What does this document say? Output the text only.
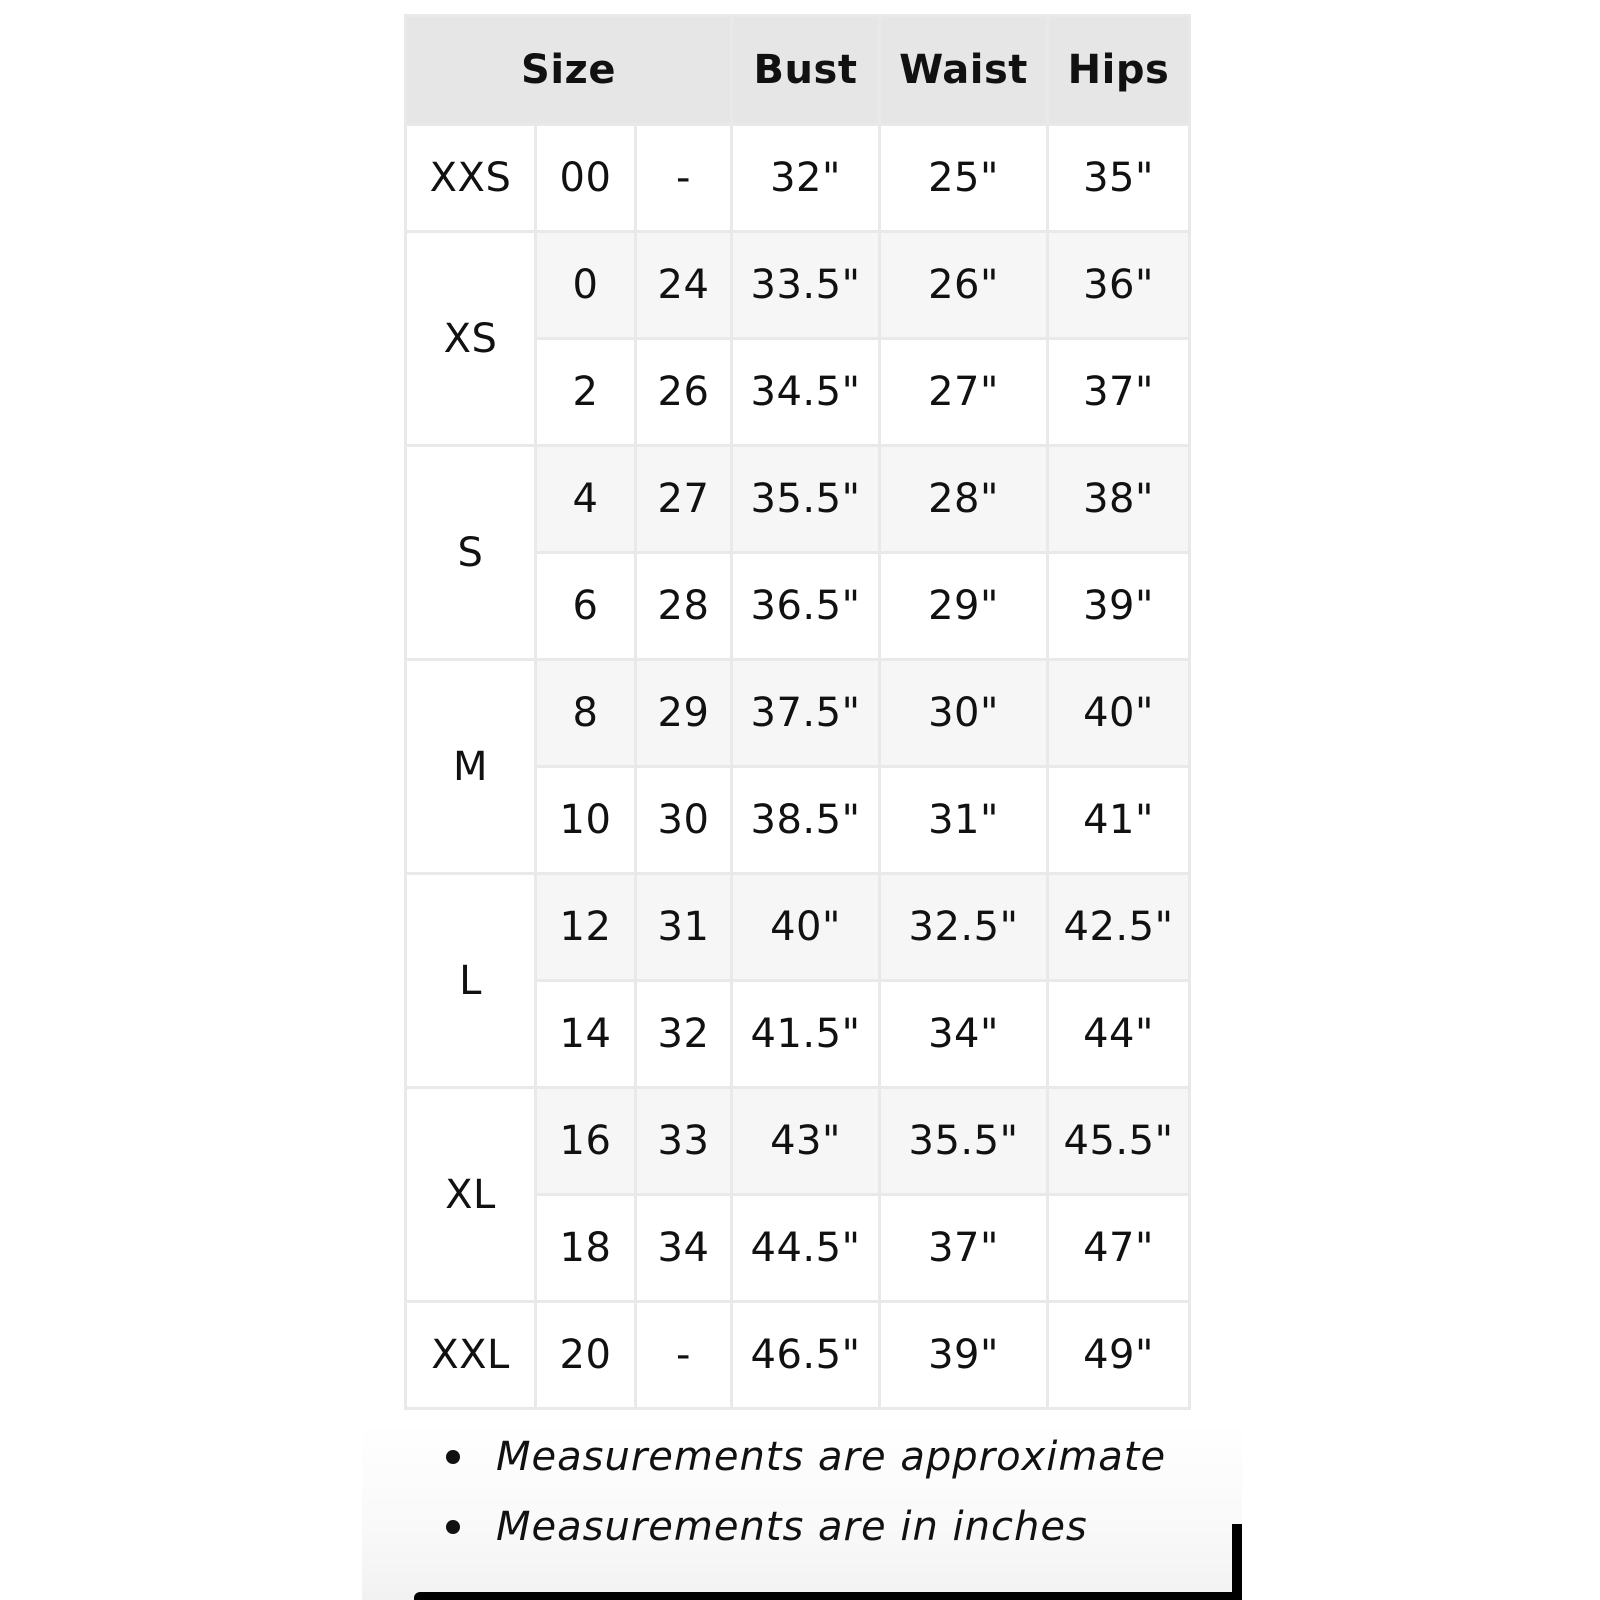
Size			Bust	Waist	Hips
XXS	00	-	32"	25"	35"
XS	0	24	33.5"	26"	36"
	2	26	34.5"	27"	37"
S	4	27	35.5"	28"	38"
	6	28	36.5"	29"	39"
M	8	29	37.5"	30"	40"
	10	30	38.5"	31"	41"
L	12	31	40"	32.5"	42.5"
	14	32	41.5"	34"	44"
XL	16	33	43"	35.5"	45.5"
	18	34	44.5"	37"	47"
XXL	20	-	46.5"	39"	49"
Measurements are approximate
Measurements are in inches
